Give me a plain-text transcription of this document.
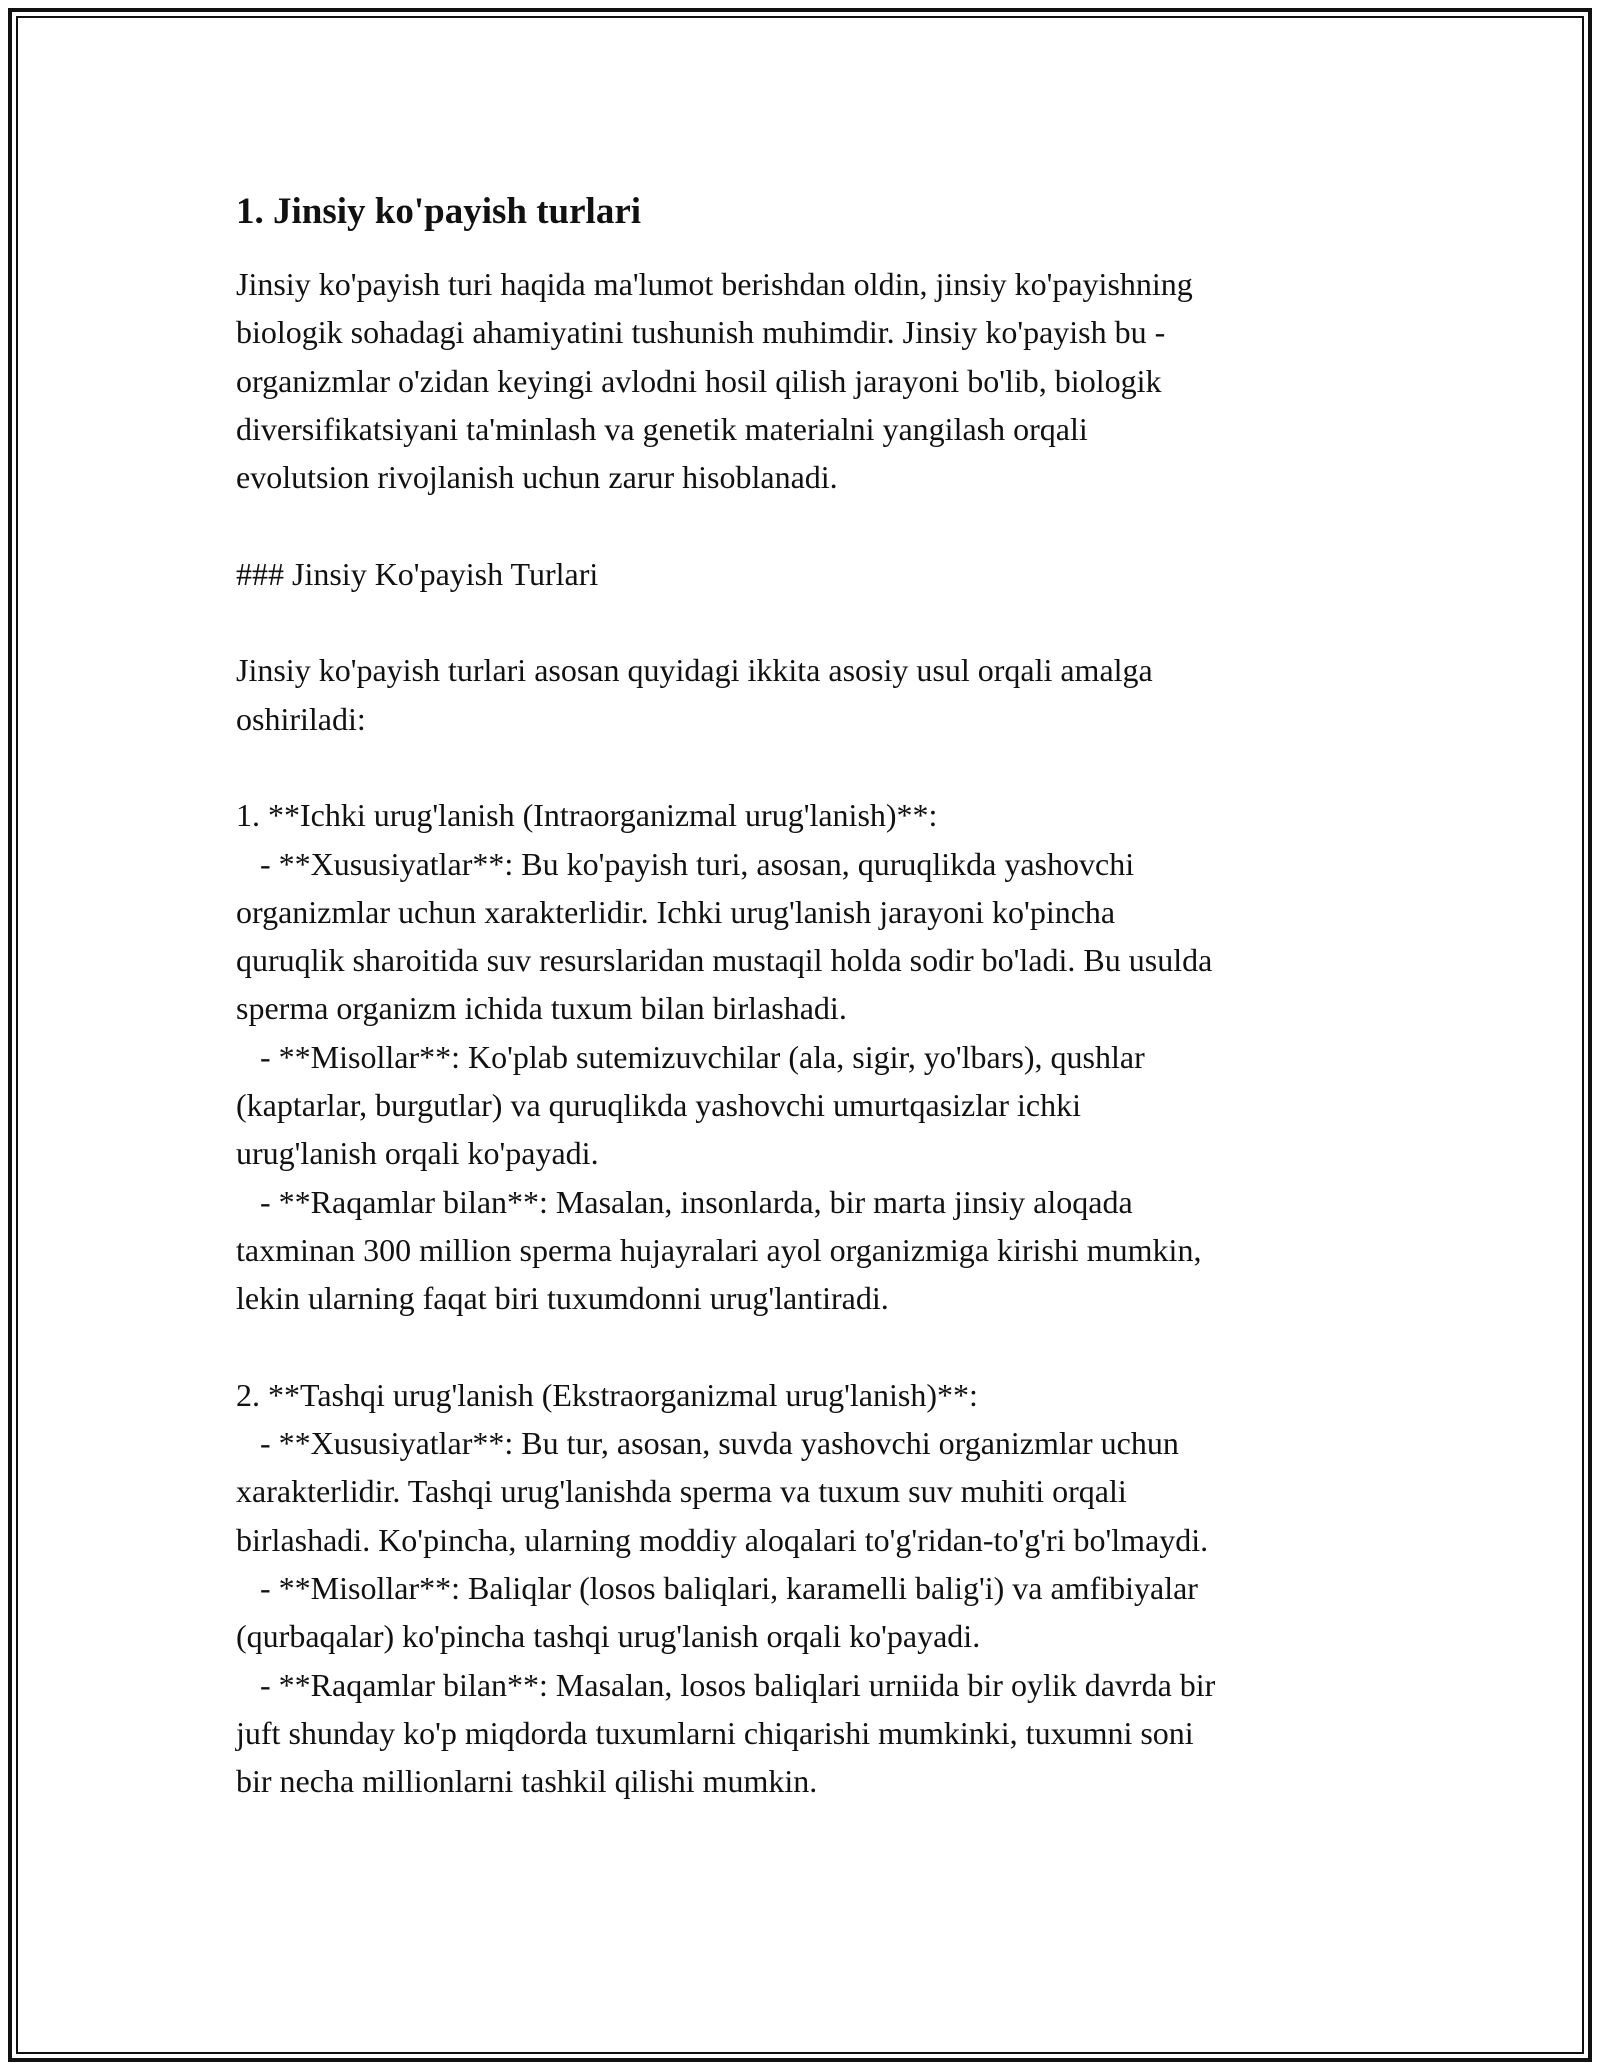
1. Jinsiy ko'payish turlari

Jinsiy ko'payish turi haqida ma'lumot berishdan oldin, jinsiy ko'payishning
biologik sohadagi ahamiyatini tushunish muhimdir. Jinsiy ko'payish bu -
organizmlar o'zidan keyingi avlodni hosil qilish jarayoni bo'lib, biologik
diversifikatsiyani ta'minlash va genetik materialni yangilash orqali
evolutsion rivojlanish uchun zarur hisoblanadi.

### Jinsiy Ko'payish Turlari

Jinsiy ko'payish turlari asosan quyidagi ikkita asosiy usul orqali amalga
oshiriladi:

1. **Ichki urug'lanish (Intraorganizmal urug'lanish)**:
- **Xususiyatlar**: Bu ko'payish turi, asosan, quruqlikda yashovchi
organizmlar uchun xarakterlidir. Ichki urug'lanish jarayoni ko'pincha
quruqlik sharoitida suv resurslaridan mustaqil holda sodir bo'ladi. Bu usulda
sperma organizm ichida tuxum bilan birlashadi.
- **Misollar**: Ko'plab sutemizuvchilar (ala, sigir, yo'lbars), qushlar
(kaptarlar, burgutlar) va quruqlikda yashovchi umurtqasizlar ichki
urug'lanish orqali ko'payadi.
- **Raqamlar bilan**: Masalan, insonlarda, bir marta jinsiy aloqada
taxminan 300 million sperma hujayralari ayol organizmiga kirishi mumkin,
lekin ularning faqat biri tuxumdonni urug'lantiradi.

2. **Tashqi urug'lanish (Ekstraorganizmal urug'lanish)**:
- **Xususiyatlar**: Bu tur, asosan, suvda yashovchi organizmlar uchun
xarakterlidir. Tashqi urug'lanishda sperma va tuxum suv muhiti orqali
birlashadi. Ko'pincha, ularning moddiy aloqalari to'g'ridan-to'g'ri bo'lmaydi.
- **Misollar**: Baliqlar (losos baliqlari, karamelli balig'i) va amfibiyalar
(qurbaqalar) ko'pincha tashqi urug'lanish orqali ko'payadi.
- **Raqamlar bilan**: Masalan, losos baliqlari urniida bir oylik davrda bir
juft shunday ko'p miqdorda tuxumlarni chiqarishi mumkinki, tuxumni soni
bir necha millionlarni tashkil qilishi mumkin.
